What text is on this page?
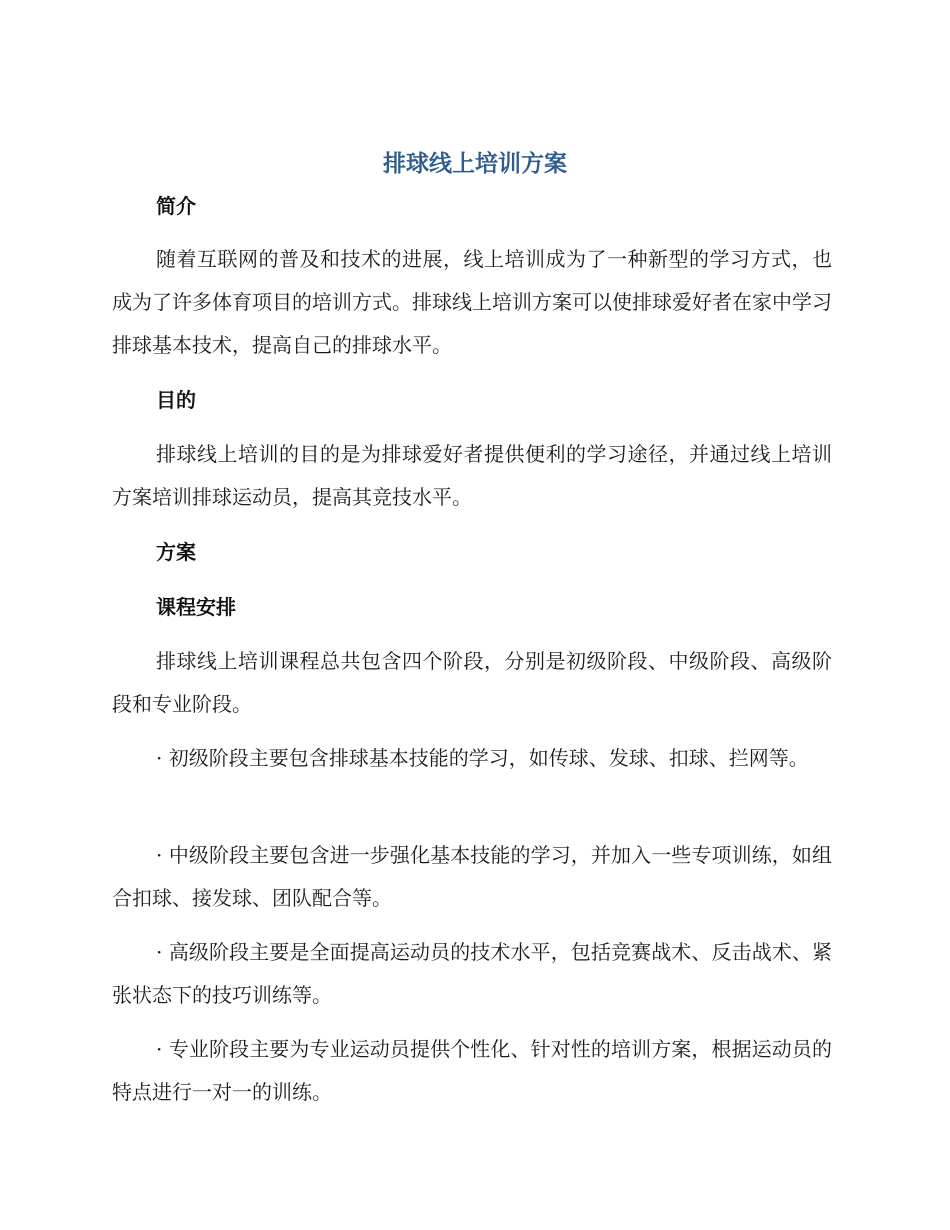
排球线上培训方案
简介
随着互联网的普及和技术的进展，线上培训成为了一种新型的学习方式，也成为了许多体育项目的培训方式。排球线上培训方案可以使排球爱好者在家中学习排球基本技术，提高自己的排球水平。
目的
排球线上培训的目的是为排球爱好者提供便利的学习途径，并通过线上培训方案培训排球运动员，提高其竞技水平。
方案
课程安排
排球线上培训课程总共包含四个阶段，分别是初级阶段、中级阶段、高级阶段和专业阶段。
· 初级阶段主要包含排球基本技能的学习，如传球、发球、扣球、拦网等。
· 中级阶段主要包含进一步强化基本技能的学习，并加入一些专项训练，如组合扣球、接发球、团队配合等。
· 高级阶段主要是全面提高运动员的技术水平，包括竞赛战术、反击战术、紧张状态下的技巧训练等。
· 专业阶段主要为专业运动员提供个性化、针对性的培训方案，根据运动员的特点进行一对一的训练。
